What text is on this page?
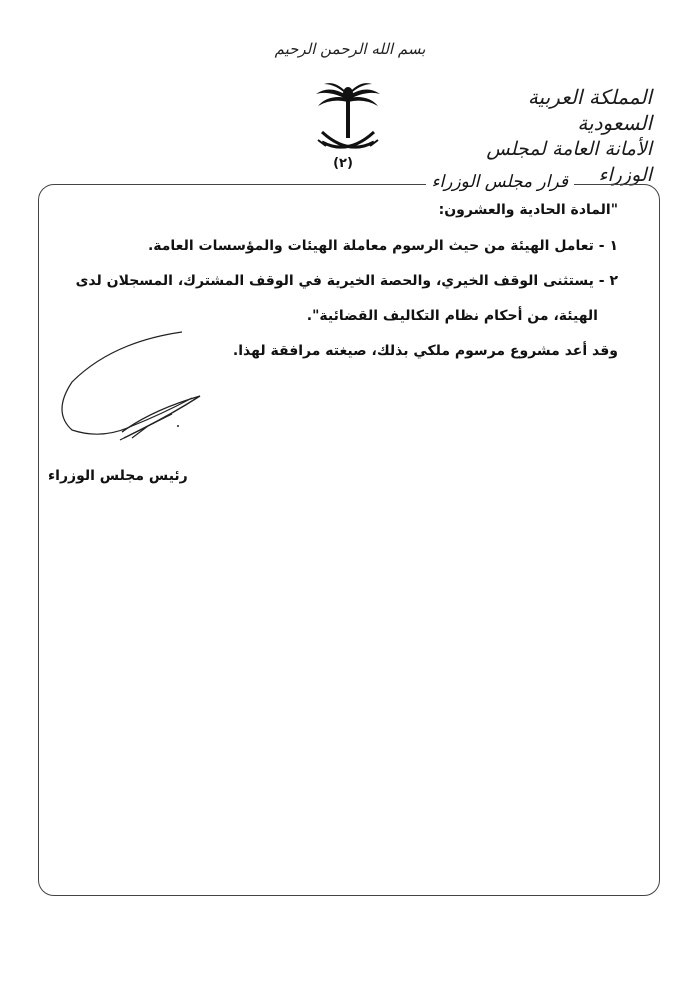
بسم الله الرحمن الرحيم
(٢)
المملكة العربية السعودية
الأمانة العامة لمجلس الوزراء
قرار مجلس الوزراء
"المادة الحادية والعشرون:
١ - تعامل الهيئة من حيث الرسوم معاملة الهيئات والمؤسسات العامة.
٢ - يستثنى الوقف الخيري، والحصة الخيرية في الوقف المشترك، المسجلان لدى
الهيئة، من أحكام نظام التكاليف القضائية".
وقد أعد مشروع مرسوم ملكي بذلك، صيغته مرافقة لهذا.
رئيس مجلس الوزراء
